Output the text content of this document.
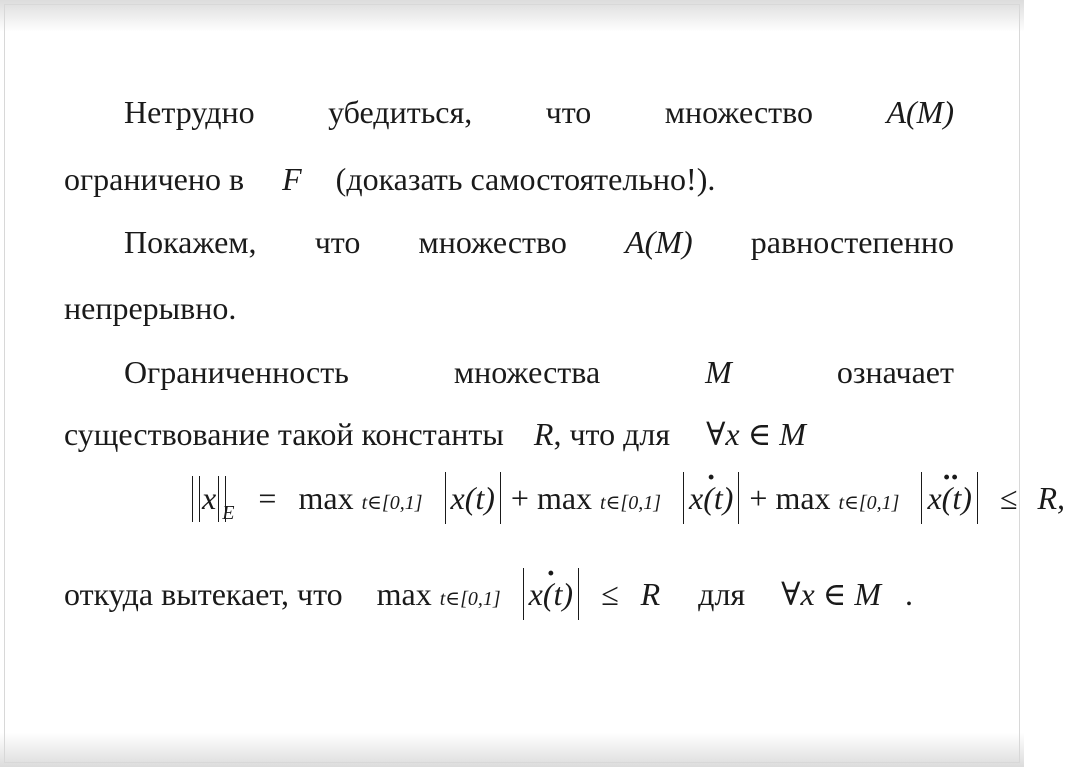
Нетрудно убедиться, что множество A(M)
ограничено в F (доказать самостоятельно!).
Покажем, что множество A(M) равностепенно
непрерывно.
Ограниченность	множества	M	означает
существование такой константы R, что для ∀x ∈ M
x E = max t∈[0,1] x(t) + max t∈[0,1] x(t) · + max t∈[0,1] x(t) ·· ≤ R,
откуда вытекает, что max t∈[0,1] x(t) · ≤ R для ∀x ∈ M .
